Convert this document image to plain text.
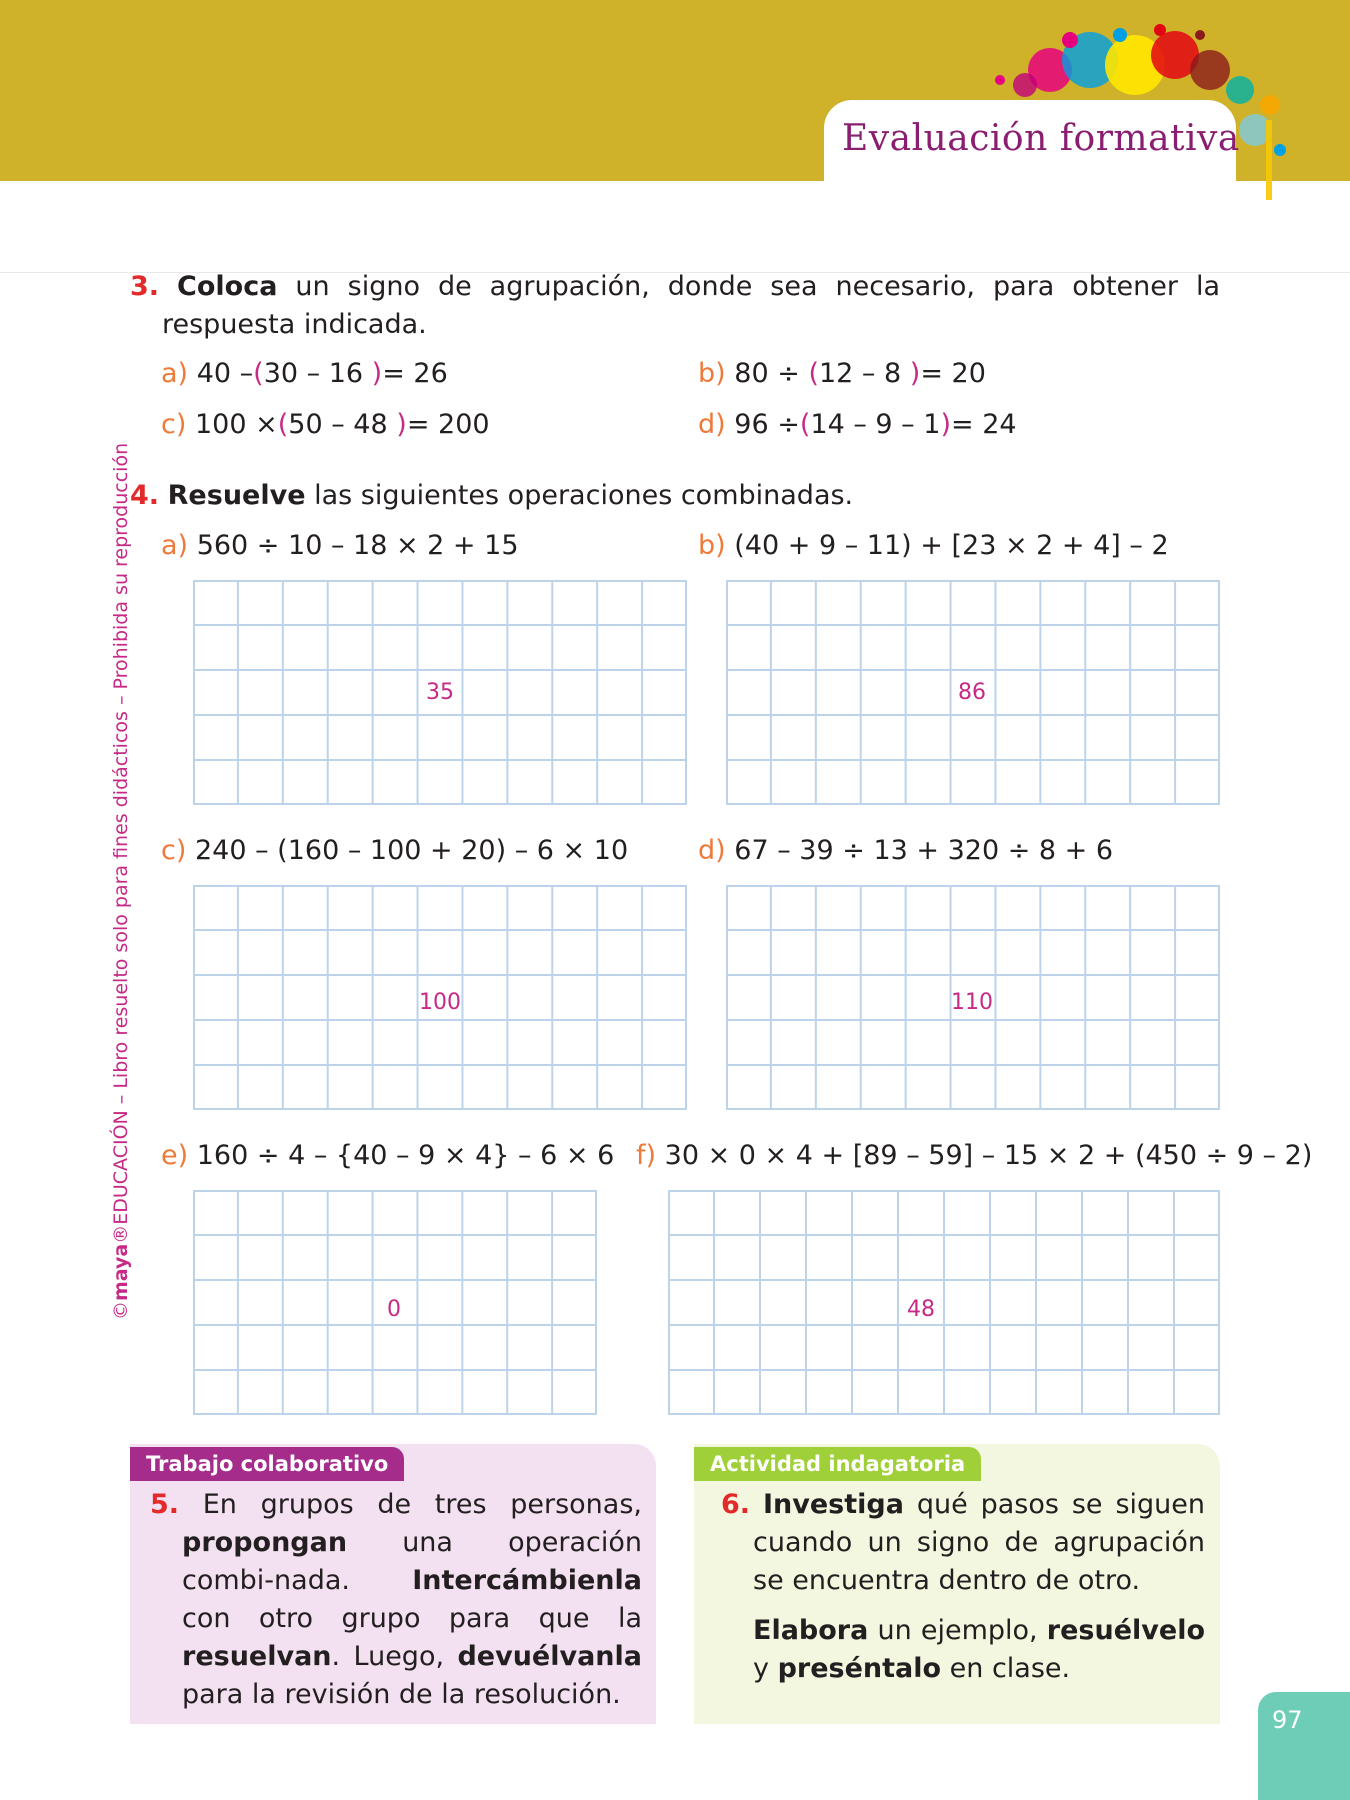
Evaluación formativa
©maya®EDUCACIÓN – Libro resuelto solo para fines didácticos – Prohibida su reproducción
3. Coloca un signo de agrupación, donde sea necesario, para obtener la respuesta indicada.
a) 40 –(30 – 16 )= 26	b) 80 ÷ (12 – 8 )= 20
c) 100 ×(50 – 48 )= 200	d) 96 ÷(14 – 9 – 1)= 24
4. Resuelve las siguientes operaciones combinadas.
a) 560 ÷ 10 – 18 × 2 + 15	b) (40 + 9 – 11) + [23 × 2 + 4] – 2
c) 240 – (160 – 100 + 20) – 6 × 10	d) 67 – 39 ÷ 13 + 320 ÷ 8 + 6
e) 160 ÷ 4 – {40 – 9 × 4} – 6 × 6 f) 30 × 0 × 4 + [89 – 59] – 15 × 2 + (450 ÷ 9 – 2)
35	86
100	110
0	48
Trabajo colaborativo
5. En grupos de tres personas, propongan una operación combi-nada. Intercámbienla con otro grupo para que la resuelvan. Luego, devuélvanla para la revisión de la resolución.
Actividad indagatoria
6. Investiga qué pasos se siguen cuando un signo de agrupación se encuentra dentro de otro.
Elabora un ejemplo, resuélvelo y preséntalo en clase.
97
